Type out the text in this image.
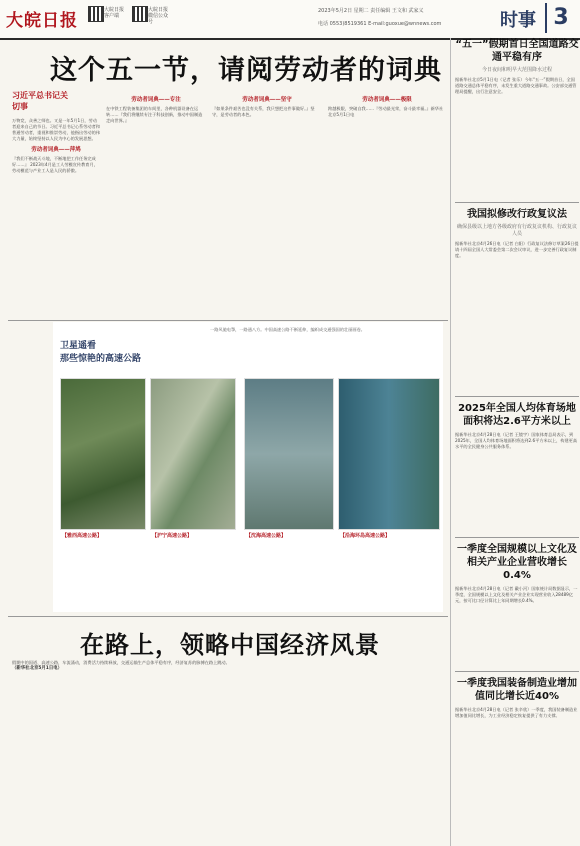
大皖日报
大皖日报客户端
大皖日报微信公众号
2023年5月2日 星期二 责任编辑 王文和 武家义
电话 0553)8519361 E-mail:guoxue@wnnews.com	时事 3
这个五一节，请阅劳动者的词典
习近平总书记关切事
万物竞，众善之师也。又是一年5月1日，劳动者迎来自己的节日。习近平总书记心系劳动者和普通劳动者，重视和推崇劳动，他指出劳动的伟大力量，始终坚持以人民为中心的发展思想。
劳动者词典——萍鸠
『我们不断战天斗地，不断地把工作任务完成好……』 2023年4月是工人劳模宣传教育月，劳动模范与产业工人是人民的骄傲。
劳动者词典——专注
在中铁工程装备集团的车间里，各种机器设备在运转……『我们将继续专注于科技创新，推动中国制造走向世界。』
劳动者词典——坚守
『如果条件艰苦也没有关系，我只想把这件事做好。』坚守，是劳动者的本色。
劳动者词典——极限
跨越极限，突破自我……『劳动最光荣，奋斗最幸福。』新华社北京5月1日电
卫星遥看
那些惊艳的高速公路
一路风驰电掣，一路通八方。中国高速公路不断延伸，编织成交通强国的壮丽画卷。
【雅西高速公路】	【沪宁高速公路】	【沈海高速公路】	【沿海环岛高速公路】
在路上，领略中国经济风景
假期中的国道、高速公路，车流涌动，消费活力持续释放，交通运输生产总体平稳有序，经济复苏的脉搏在路上跳动。
（新华社北京5月1日电）
“五一”假期首日全国道路交通平稳有序
今日夜间和明早大范围降水过程
据新华社北京5月1日电（记者 张乐）今年“五一”假期首日，全国道路交通总体平稳有序，未发生重大道路交通事故。公安部交通管理局提醒，出行注意安全。
我国拟修改行政复议法
确保县级以上地方各级政府有行政复议机构、行政复议人员
据新华社北京4月26日电（记者 白阳）行政复议法修订草案26日提请十四届全国人大常委会第二次会议审议，进一步完善行政复议制度。
2025年全国人均体育场地面积将达2.6平方米以上
据新华社北京4月28日电（记者 王镜宇）国家体育总局表示，到2025年，全国人均体育场地面积将达到2.6平方米以上，构建更高水平的全民健身公共服务体系。
一季度全国规模以上文化及相关产业企业营收增长0.4%
据新华社北京4月28日电（记者 戴小河）国家统计局数据显示，一季度，全国规模以上文化及相关产业企业实现营业收入28489亿元，按可比口径计算比上年同期增长0.4%。
一季度我国装备制造业增加值同比增长近40%
据新华社北京4月28日电（记者 张辛欣）一季度，我国装备制造业增加值同比增长，为工业经济稳定恢复提供了有力支撑。
